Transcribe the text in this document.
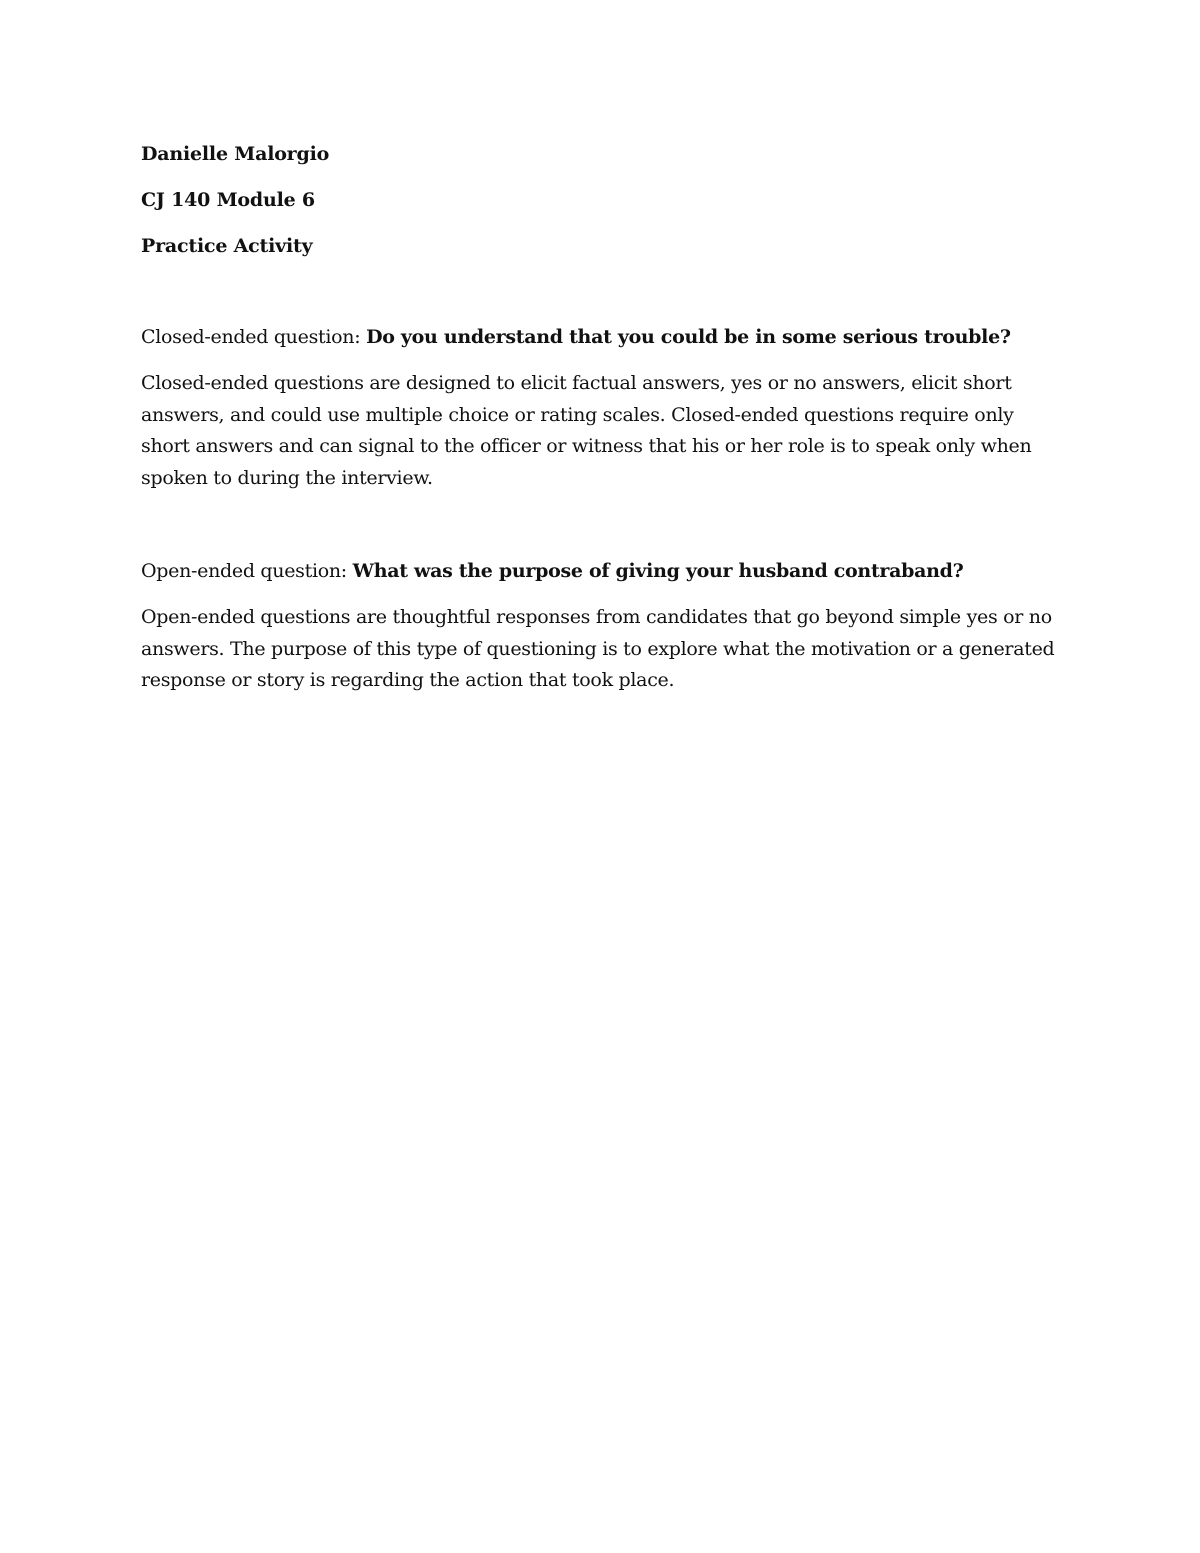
Danielle Malorgio
CJ 140 Module 6
Practice Activity
Closed-ended question: Do you understand that you could be in some serious trouble?

Closed-ended questions are designed to elicit factual answers, yes or no answers, elicit short answers, and could use multiple choice or rating scales. Closed-ended questions require only short answers and can signal to the officer or witness that his or her role is to speak only when spoken to during the interview.

Open-ended question: What was the purpose of giving your husband contraband?

Open-ended questions are thoughtful responses from candidates that go beyond simple yes or no answers. The purpose of this type of questioning is to explore what the motivation or a generated response or story is regarding the action that took place.
